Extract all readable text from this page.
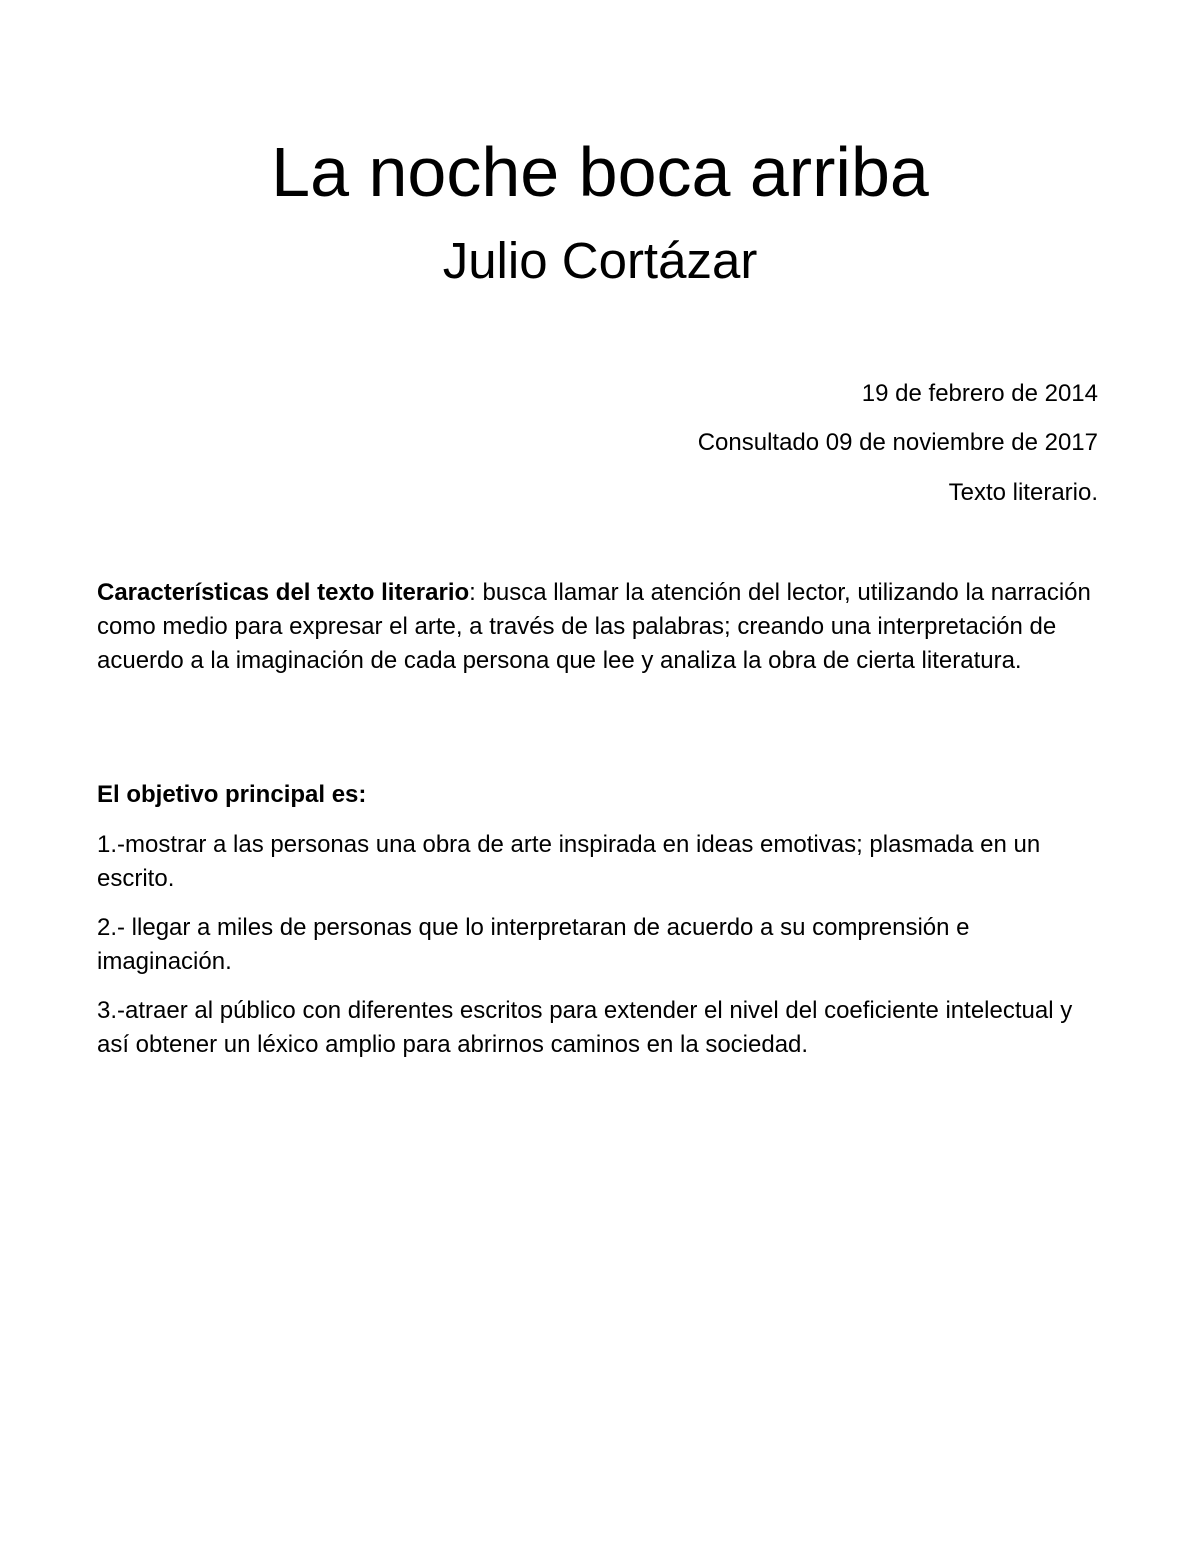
La noche boca arriba
Julio Cortázar

19 de febrero de 2014

Consultado 09 de noviembre de 2017

Texto literario.

Características del texto literario: busca llamar la atención del lector, utilizando la narración como medio para expresar el arte, a través de las palabras; creando una interpretación de acuerdo a la imaginación de cada persona que lee y analiza la obra de cierta literatura.

El objetivo principal es:

1.-mostrar a las personas una obra de arte inspirada en ideas emotivas; plasmada en un escrito.

2.- llegar a miles de personas que lo interpretaran de acuerdo a su comprensión e imaginación.

3.-atraer al público con diferentes escritos para extender el nivel del coeficiente intelectual y así obtener un léxico amplio para abrirnos caminos en la sociedad.
